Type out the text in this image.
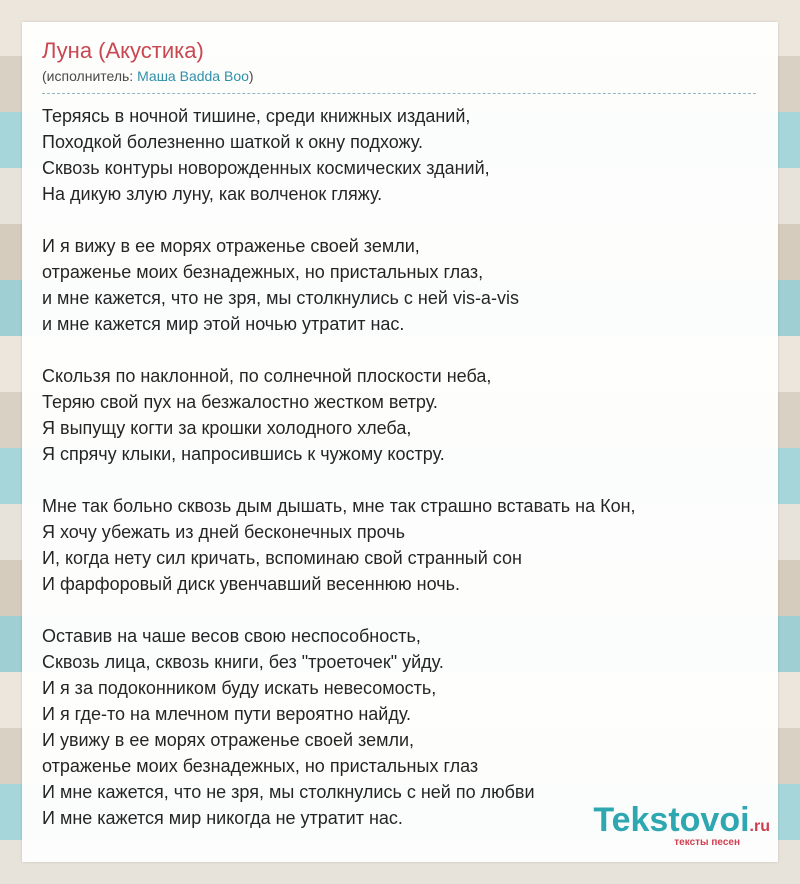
Луна (Акустика)
(исполнитель: Маша Badda Boo)
Теряясь в ночной тишине, среди книжных изданий,
Походкой болезненно шаткой к окну подхожу.
Сквозь контуры новорожденных космических зданий,
На дикую злую луну, как волченок гляжу.
И я вижу в ее морях отраженье своей земли,
отраженье моих безнадежных, но пристальных глаз,
и мне кажется, что не зря, мы столкнулись с ней vis-a-vis
и мне кажется мир этой ночью утратит нас.
Скользя по наклонной, по солнечной плоскости неба,
Теряю свой пух на безжалостно жестком ветру.
Я выпущу когти за крошки холодного хлеба,
Я спрячу клыки, напросившись к чужому костру.
Мне так больно сквозь дым дышать, мне так страшно вставать на Кон,
Я хочу убежать из дней бесконечных прочь
И, когда нету сил кричать, вспоминаю свой странный сон
И фарфоровый диск увенчавший весеннюю ночь.
Оставив на чаше весов свою неспособность,
Сквозь лица, сквозь книги, без "троеточек" уйду.
И я за подоконником буду искать невесомость,
И я где-то на млечном пути вероятно найду.
И увижу в ее морях отраженье своей земли,
отраженье моих безнадежных, но пристальных глаз
И мне кажется, что не зря, мы столкнулись с ней по любви
И мне кажется мир никогда не утратит нас.	Tekstovoi.ru
тексты песен
